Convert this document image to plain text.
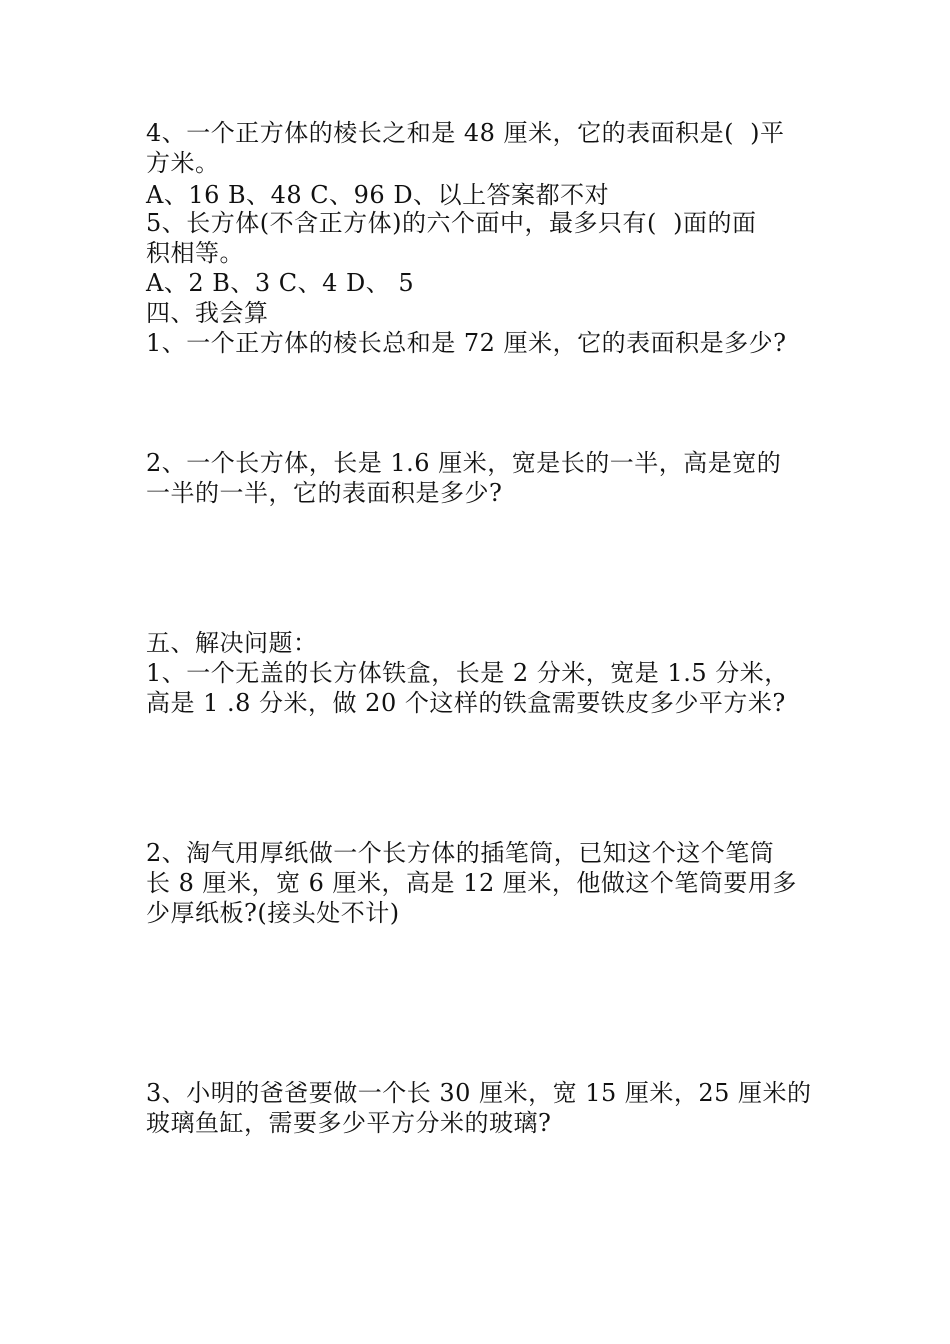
4、一个正方体的棱长之和是 48 厘米，它的表面积是(  )平
方米。
A、16 B、48 C、96 D、以上答案都不对
5、长方体(不含正方体)的六个面中，最多只有(  )面的面
积相等。
A、2 B、3 C、4 D、 5
四、我会算
1、一个正方体的棱长总和是 72 厘米，它的表面积是多少?
2、一个长方体，长是 1.6 厘米，宽是长的一半，高是宽的
一半的一半，它的表面积是多少?
五、解决问题：
1、一个无盖的长方体铁盒，长是 2 分米，宽是 1.5 分米，
高是 1 .8 分米，做 20 个这样的铁盒需要铁皮多少平方米?
2、淘气用厚纸做一个长方体的插笔筒，已知这个这个笔筒
长 8 厘米，宽 6 厘米，高是 12 厘米，他做这个笔筒要用多
少厚纸板?(接头处不计)
3、小明的爸爸要做一个长 30 厘米，宽 15 厘米，25 厘米的
玻璃鱼缸，需要多少平方分米的玻璃?
